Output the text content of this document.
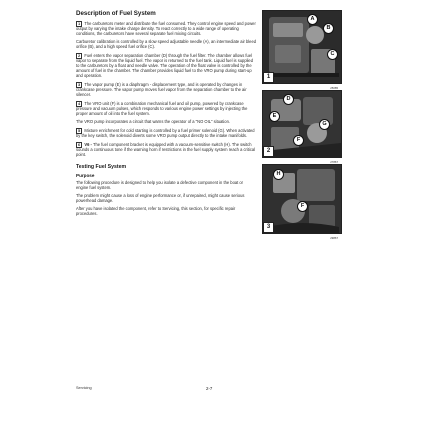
Description of Fuel System
1 The carburetors meter and distribute the fuel consumed. They control engine speed and power output by varying the intake charge density. To react correctly to a wide range of operating conditions, the carburetors have several separate fuel mixing circuits.
Carburetor calibration is controlled by a slow speed adjustable needle (A), an intermediate air bleed orifice (B), and a high speed fuel orifice (C).
2 Fuel enters the vapor separation chamber (D) through the fuel filter. The chamber allows fuel vapor to separate from the liquid fuel. The vapor is returned to the fuel tank. Liquid fuel is supplied to the carburetors by a float and needle valve. The operation of the float valve is controlled by the amount of fuel in the chamber. The chamber provides liquid fuel to the VRO pump during start-up and operation.
3 The vapor pump (E) is a diaphragm - displacement type, and is operated by changes in crankcase pressure. The vapor pump moves fuel vapor from the separation chamber to the air silencer.
4 The VRO unit (F) is a combination mechanical fuel and oil pump, powered by crankcase pressure and vacuum pulses, which responds to various engine power settings by injecting the proper amount of oil into the fuel system.
The VRO pump incorporates a circuit that warns the operator of a "NO OIL" situation.
5 Mixture enrichment for cold starting is controlled by a fuel primer solenoid (G). When activated by the key switch, the solenoid diverts some VRO pump output directly to the intake manifolds.
6 V6 - The fuel component bracket is equipped with a vacuum-sensitive switch (H). The switch sounds a continuous tone if the warning horn if restrictions in the fuel supply system reach a critical point.
Testing Fuel System
Purpose
The following procedure is designed to help you isolate a defective component in the boat or engine fuel system.
The problem might cause a loss of engine performance or, if unrepaired, might cause serious powerhead damage.
After you have isolated the component, refer to Servicing, this section, for specific repair procedures.
A
B
C
1
25085
D
E
G
F
2
27867
H
F
3
29867
Servicing	2-7
